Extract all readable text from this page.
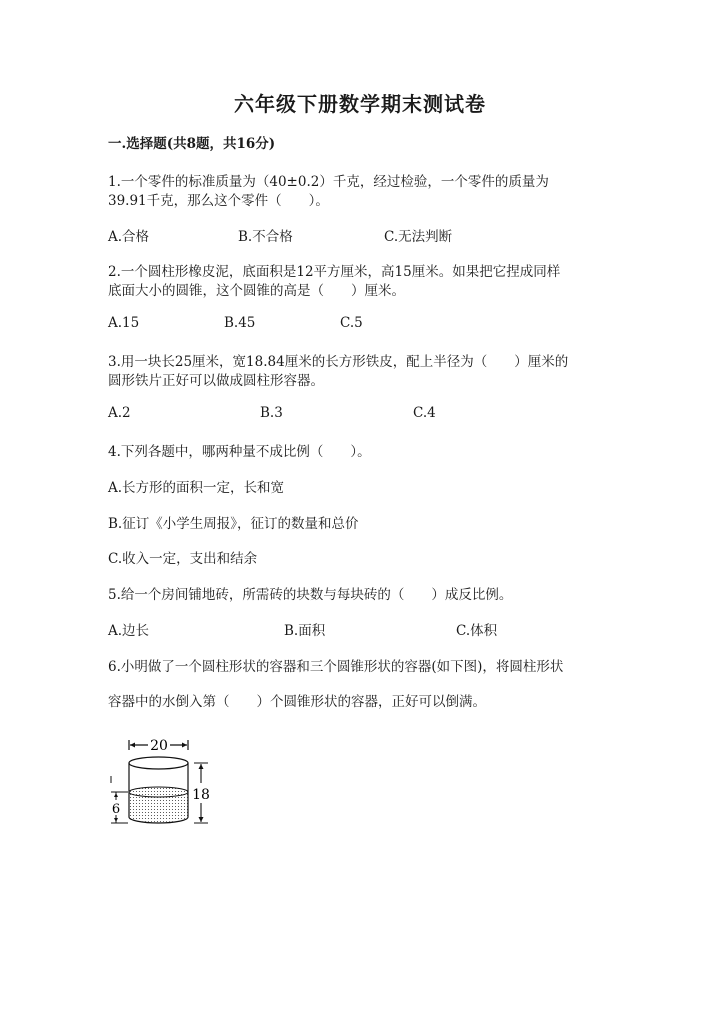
六年级下册数学期末测试卷
一.选择题(共8题，共16分)
1.一个零件的标准质量为（40±0.2）千克，经过检验，一个零件的质量为
39.91千克，那么这个零件（　　）。
A.合格	B.不合格	C.无法判断
2.一个圆柱形橡皮泥，底面积是12平方厘米，高15厘米。如果把它捏成同样
底面大小的圆锥，这个圆锥的高是（　　）厘米。
A.15	B.45	C.5
3.用一块长25厘米，宽18.84厘米的长方形铁皮，配上半径为（　　）厘米的
圆形铁片正好可以做成圆柱形容器。
A.2	B.3	C.4
4.下列各题中，哪两种量不成比例（　　）。
A.长方形的面积一定，长和宽
B.征订《小学生周报》，征订的数量和总价
C.收入一定，支出和结余
5.给一个房间铺地砖，所需砖的块数与每块砖的（　　）成反比例。
A.边长	B.面积	C.体积
6.小明做了一个圆柱形状的容器和三个圆锥形状的容器(如下图)，将圆柱形状
容器中的水倒入第（　　）个圆锥形状的容器，正好可以倒满。
20
18
6
